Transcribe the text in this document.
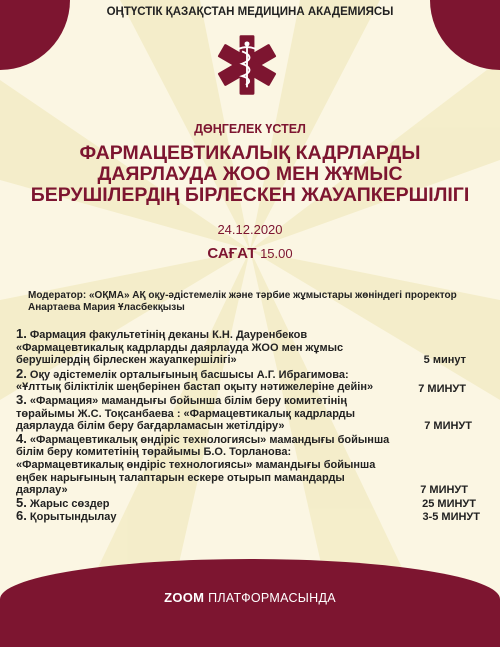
ОҢТҮСТІК ҚАЗАҚСТАН МЕДИЦИНА АКАДЕМИЯСЫ
ДӨҢГЕЛЕК ҮСТЕЛ
ФАРМАЦЕВТИКАЛЫҚ КАДРЛАРДЫ
ДАЯРЛАУДА ЖОО МЕН ЖҰМЫС
БЕРУШІЛЕРДІҢ БІРЛЕСКЕН ЖАУАПКЕРШІЛІГІ
24.12.2020
САҒАТ 15.00
Модератор: «ОҚМА» АҚ оқу-әдістемелік және тәрбие жұмыстары жөніндегі проректор Анартаева Мария Ұласбекқызы
1. Фармация факультетінің деканы К.Н. Дауренбеков «Фармацевтикалық кадрларды даярлауда ЖОО мен жұмыс берушілердің бірлескен жауапкершілігі»	5 минут
2. Оқу әдістемелік орталығының басшысы А.Г. Ибрагимова: «Ұлттық біліктілік шеңберінен бастап оқыту нәтижелеріне дейін»	7 МИНУТ
3. «Фармация» мамандығы бойынша білім беру комитетінің төрайымы Ж.С. Тоқсанбаева : «Фармацевтикалық кадрларды даярлауда білім беру бағдарламасын жетілдіру»	7 МИНУТ
4. «Фармацевтикалық өндіріс технологиясы» мамандығы бойынша білім беру комитетінің төрайымы Б.О. Торланова: «Фармацевтикалық өндіріс технологиясы» мамандығы бойынша еңбек нарығының талаптарын ескере отырып мамандарды даярлау»	7 МИНУТ
5. Жарыс сөздер	25 МИНУТ
6. Қорытындылау	3-5 МИНУТ
ZOOM ПЛАТФОРМАСЫНДА
